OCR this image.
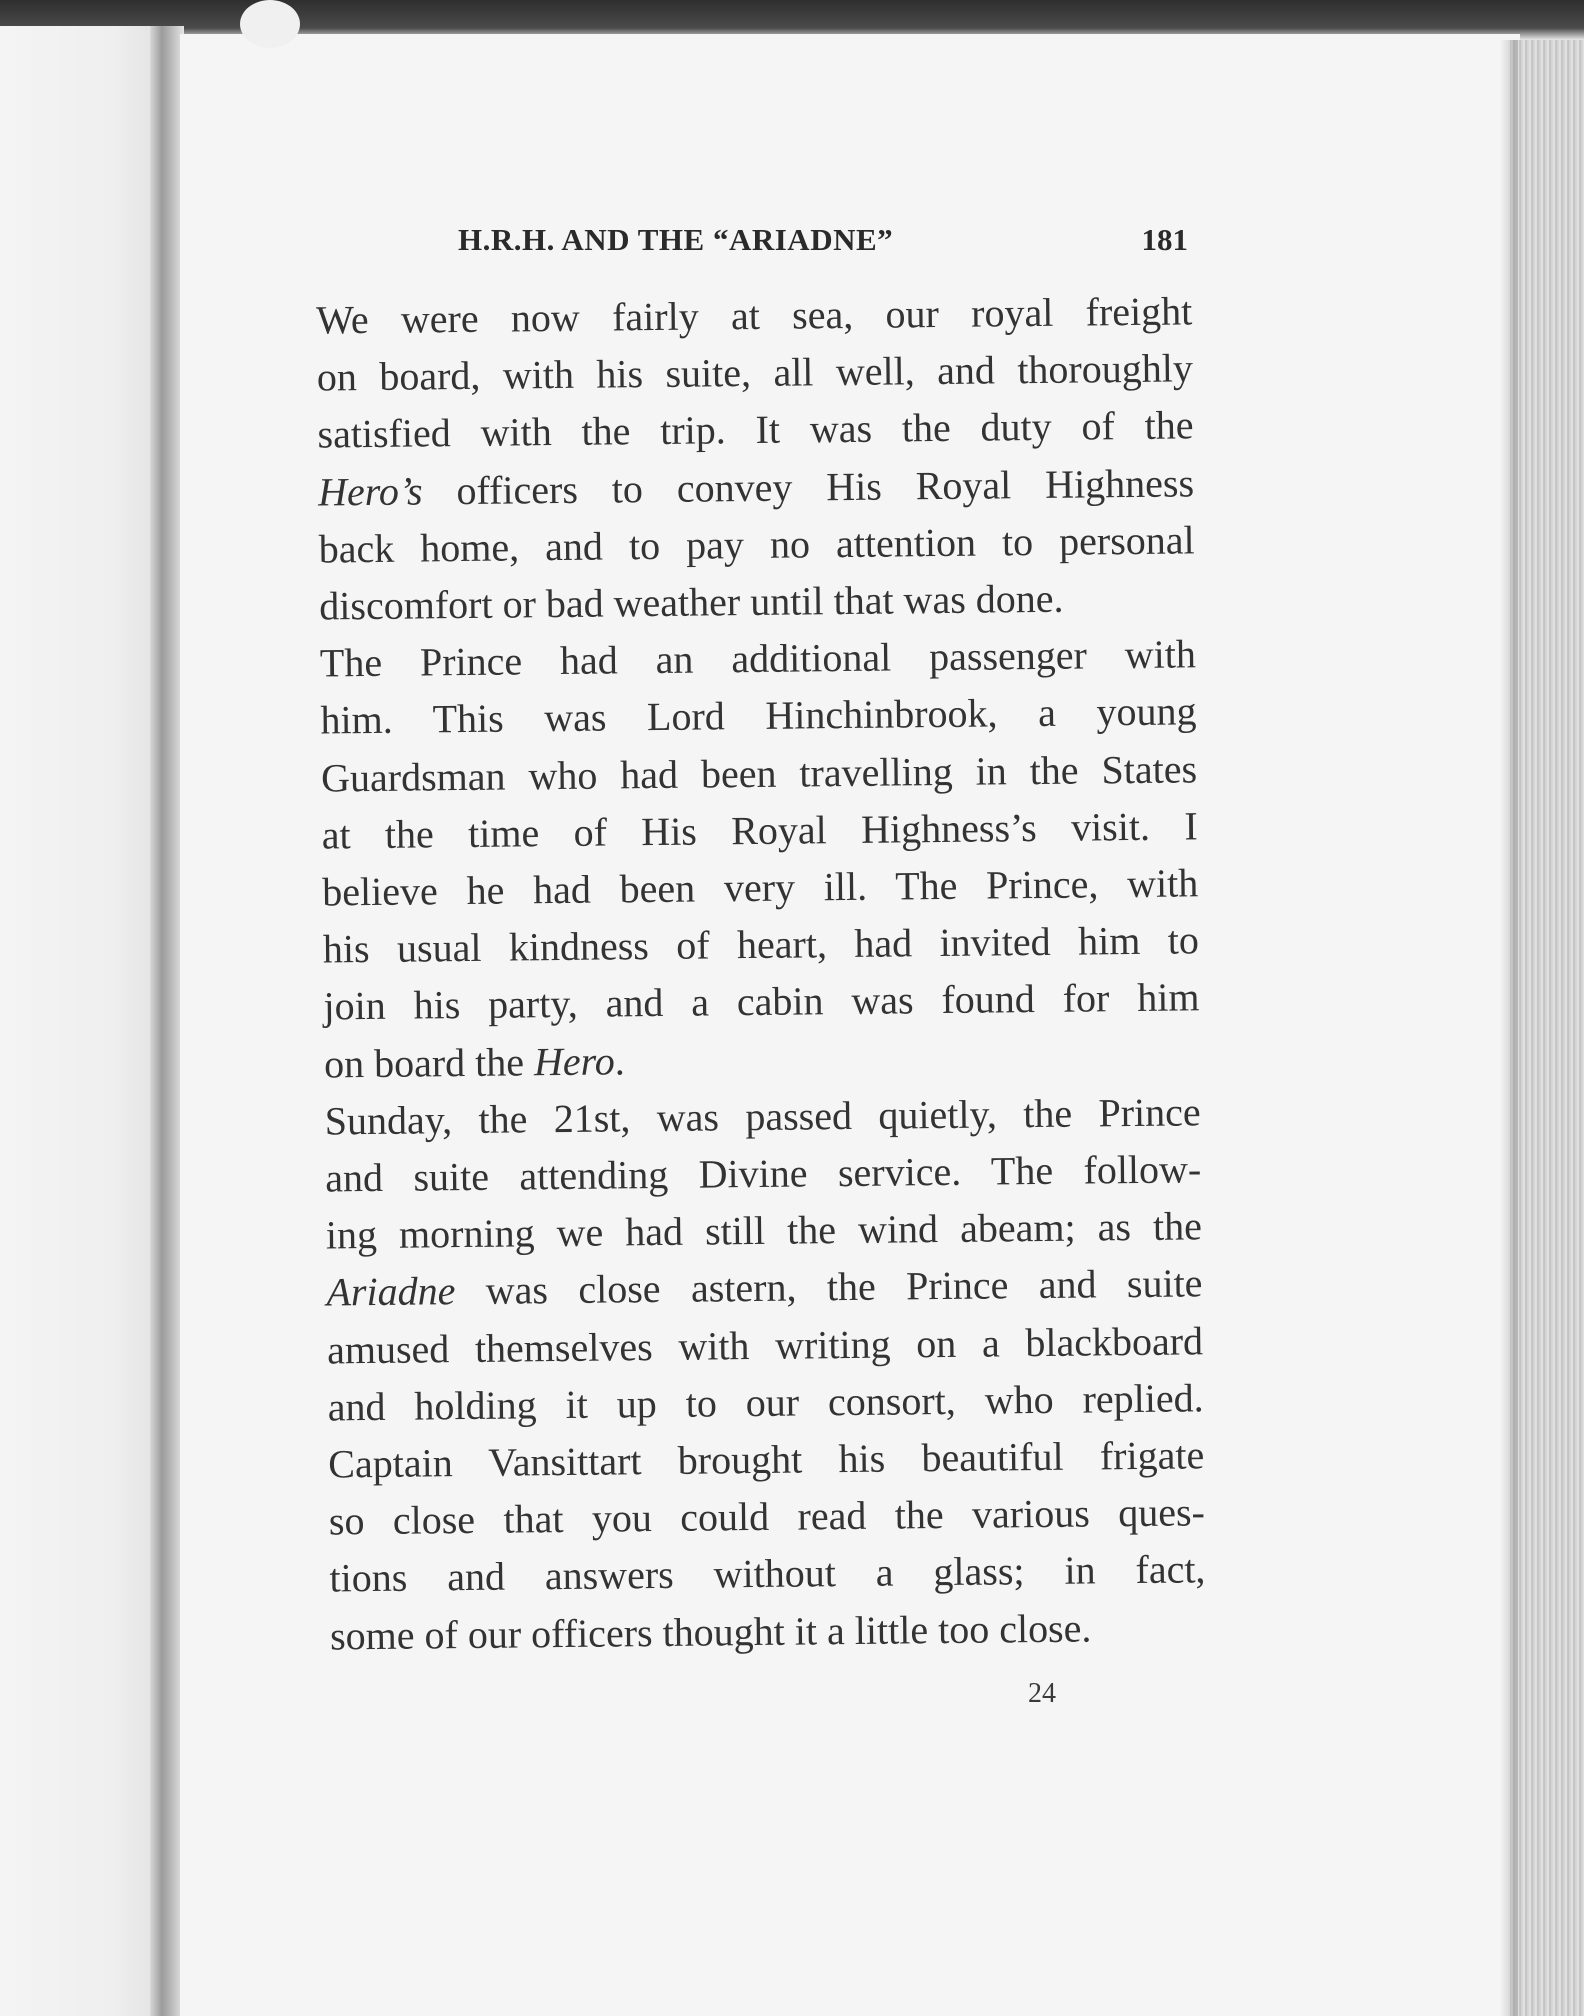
H.R.H. AND THE “ARIADNE”	181

We were now fairly at sea, our royal freight
on board, with his suite, all well, and thoroughly
satisfied with the trip. It was the duty of the
Hero’s officers to convey His Royal Highness
back home, and to pay no attention to personal
discomfort or bad weather until that was done.

The Prince had an additional passenger with
him. This was Lord Hinchinbrook, a young
Guardsman who had been travelling in the States
at the time of His Royal Highness’s visit. I
believe he had been very ill. The Prince, with
his usual kindness of heart, had invited him to
join his party, and a cabin was found for him
on board the Hero.

Sunday, the 21st, was passed quietly, the Prince
and suite attending Divine service. The follow-
ing morning we had still the wind abeam; as the
Ariadne was close astern, the Prince and suite
amused themselves with writing on a blackboard
and holding it up to our consort, who replied.
Captain Vansittart brought his beautiful frigate
so close that you could read the various ques-
tions and answers without a glass; in fact,
some of our officers thought it a little too close.

24
